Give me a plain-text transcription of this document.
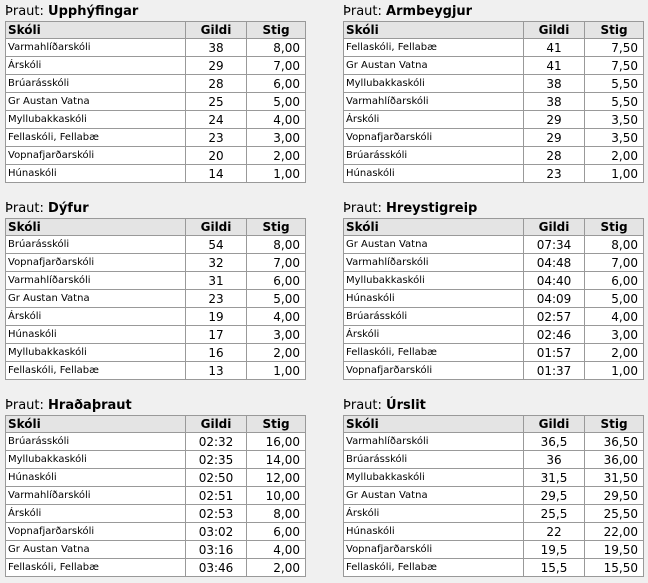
Þraut: Upphýfingar
Skóli	Gildi	Stig
Varmahlíðarskóli	38	8,00
Árskóli	29	7,00
Brúarásskóli	28	6,00
Gr Austan Vatna	25	5,00
Myllubakkaskóli	24	4,00
Fellaskóli, Fellabæ	23	3,00
Vopnafjarðarskóli	20	2,00
Húnaskóli	14	1,00
Þraut: Armbeygjur
Skóli	Gildi	Stig
Fellaskóli, Fellabæ	41	7,50
Gr Austan Vatna	41	7,50
Myllubakkaskóli	38	5,50
Varmahlíðarskóli	38	5,50
Árskóli	29	3,50
Vopnafjarðarskóli	29	3,50
Brúarásskóli	28	2,00
Húnaskóli	23	1,00
Þraut: Dýfur
Skóli	Gildi	Stig
Brúarásskóli	54	8,00
Vopnafjarðarskóli	32	7,00
Varmahlíðarskóli	31	6,00
Gr Austan Vatna	23	5,00
Árskóli	19	4,00
Húnaskóli	17	3,00
Myllubakkaskóli	16	2,00
Fellaskóli, Fellabæ	13	1,00
Þraut: Hreystigreip
Skóli	Gildi	Stig
Gr Austan Vatna	07:34	8,00
Varmahlíðarskóli	04:48	7,00
Myllubakkaskóli	04:40	6,00
Húnaskóli	04:09	5,00
Brúarásskóli	02:57	4,00
Árskóli	02:46	3,00
Fellaskóli, Fellabæ	01:57	2,00
Vopnafjarðarskóli	01:37	1,00
Þraut: Hraðaþraut
Skóli	Gildi	Stig
Brúarásskóli	02:32	16,00
Myllubakkaskóli	02:35	14,00
Húnaskóli	02:50	12,00
Varmahlíðarskóli	02:51	10,00
Árskóli	02:53	8,00
Vopnafjarðarskóli	03:02	6,00
Gr Austan Vatna	03:16	4,00
Fellaskóli, Fellabæ	03:46	2,00
Þraut: Úrslit
Skóli	Gildi	Stig
Varmahlíðarskóli	36,5	36,50
Brúarásskóli	36	36,00
Myllubakkaskóli	31,5	31,50
Gr Austan Vatna	29,5	29,50
Árskóli	25,5	25,50
Húnaskóli	22	22,00
Vopnafjarðarskóli	19,5	19,50
Fellaskóli, Fellabæ	15,5	15,50
